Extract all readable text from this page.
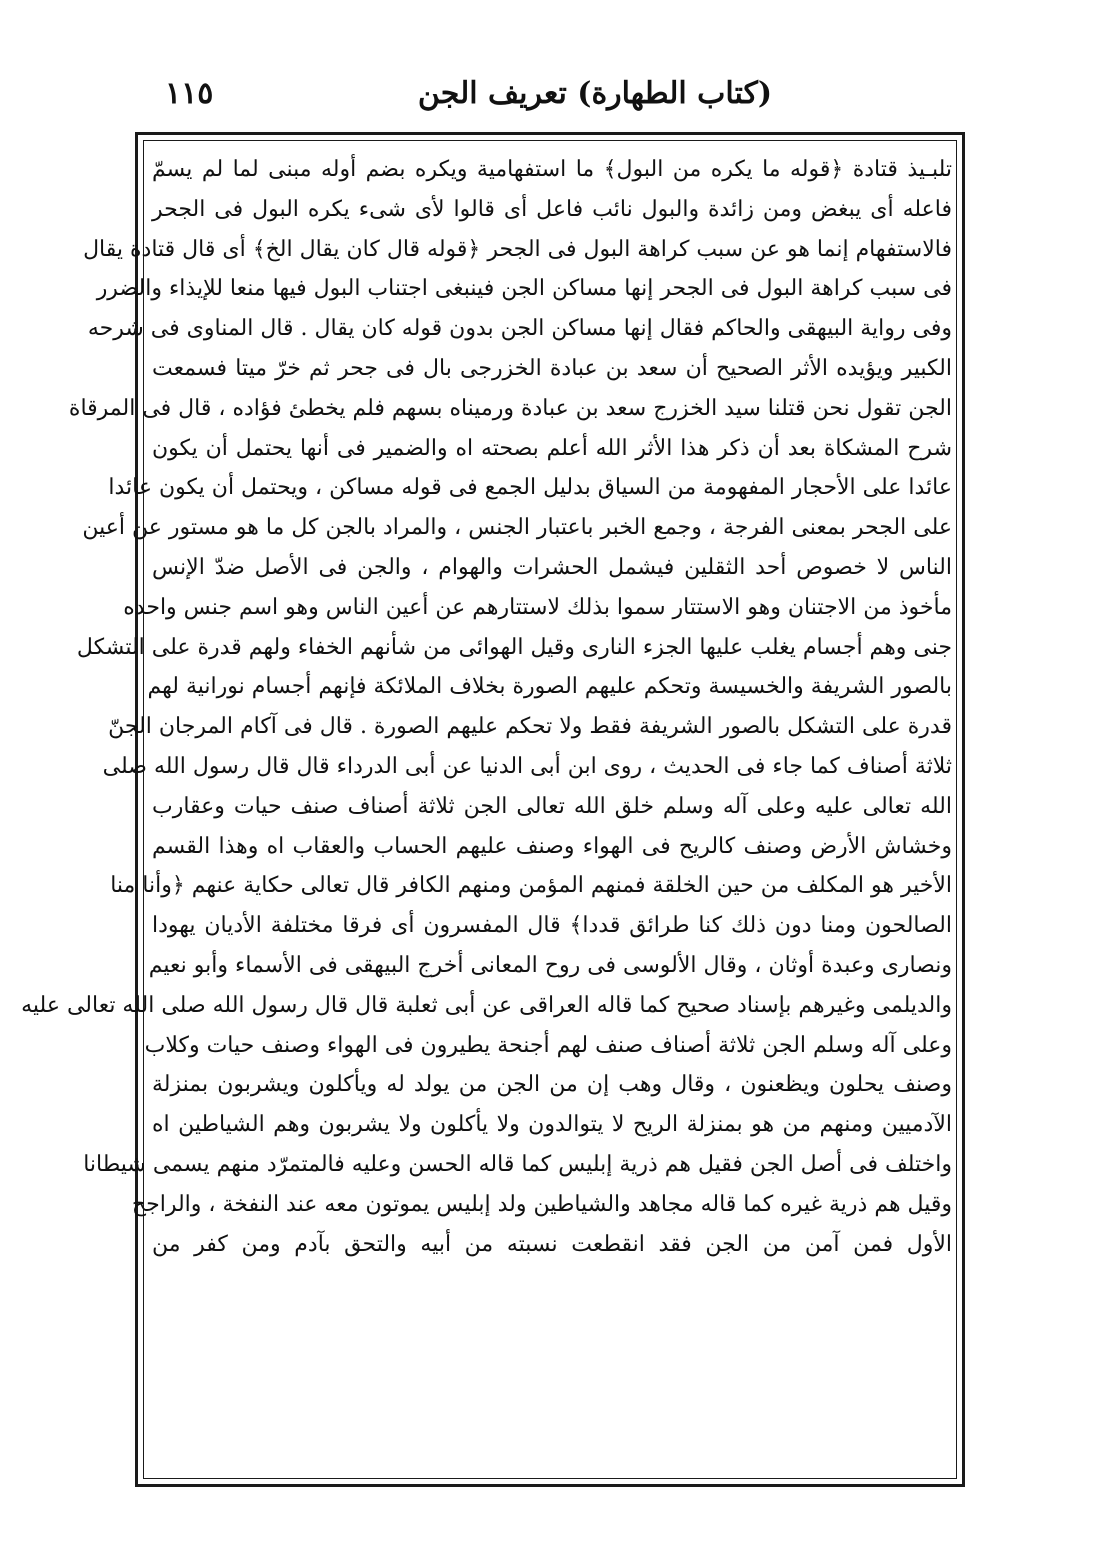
١١٥	(كتاب الطهارة) تعريف الجن
تلبـيذ قتادة ﴿قوله ما يكره من البول﴾ ما استفهامية ويكره بضم أوله مبنى لما لم يسمّ
فاعله أى يبغض ومن زائدة والبول نائب فاعل أى قالوا لأى شىء يكره البول فى الجحر
فالاستفهام إنما هو عن سبب كراهة البول فى الجحر ﴿قوله قال كان يقال الخ﴾ أى قال قتادة يقال
فى سبب كراهة البول فى الجحر إنها مساكن الجن فينبغى اجتناب البول فيها منعا للإيذاء والضرر
وفى رواية البيهقى والحاكم فقال إنها مساكن الجن بدون قوله كان يقال . قال المناوى فى شرحه
الكبير ويؤيده الأثر الصحيح أن سعد بن عبادة الخزرجى بال فى جحر ثم خرّ ميتا فسمعت
الجن تقول نحن قتلنا سيد الخزرج سعد بن عبادة ورميناه بسهم فلم يخطئ فؤاده ، قال فى المرقاة
شرح المشكاة بعد أن ذكر هذا الأثر الله أعلم بصحته اه والضمير فى أنها يحتمل أن يكون
عائدا على الأحجار المفهومة من السياق بدليل الجمع فى قوله مساكن ، ويحتمل أن يكون عائدا
على الجحر بمعنى الفرجة ، وجمع الخبر باعتبار الجنس ، والمراد بالجن كل ما هو مستور عن أعين
الناس لا خصوص أحد الثقلين فيشمل الحشرات والهوام ، والجن فى الأصل ضدّ الإنس
مأخوذ من الاجتنان وهو الاستتار سموا بذلك لاستتارهم عن أعين الناس وهو اسم جنس واحده
جنى وهم أجسام يغلب عليها الجزء النارى وقيل الهوائى من شأنهم الخفاء ولهم قدرة على التشكل
بالصور الشريفة والخسيسة وتحكم عليهم الصورة بخلاف الملائكة فإنهم أجسام نورانية لهم
قدرة على التشكل بالصور الشريفة فقط ولا تحكم عليهم الصورة . قال فى آكام المرجان الجنّ
ثلاثة أصناف كما جاء فى الحديث ، روى ابن أبى الدنيا عن أبى الدرداء قال قال رسول الله صلى
الله تعالى عليه وعلى آله وسلم خلق الله تعالى الجن ثلاثة أصناف صنف حيات وعقارب
وخشاش الأرض وصنف كالريح فى الهواء وصنف عليهم الحساب والعقاب اه وهذا القسم
الأخير هو المكلف من حين الخلقة فمنهم المؤمن ومنهم الكافر قال تعالى حكاية عنهم ﴿وأنا منا
الصالحون ومنا دون ذلك كنا طرائق قددا﴾ قال المفسرون أى فرقا مختلفة الأديان يهودا
ونصارى وعبدة أوثان ، وقال الألوسى فى روح المعانى أخرج البيهقى فى الأسماء وأبو نعيم
والديلمى وغيرهم بإسناد صحيح كما قاله العراقى عن أبى ثعلبة قال قال رسول الله صلى الله تعالى عليه
وعلى آله وسلم الجن ثلاثة أصناف صنف لهم أجنحة يطيرون فى الهواء وصنف حيات وكلاب
وصنف يحلون ويظعنون ، وقال وهب إن من الجن من يولد له ويأكلون ويشربون بمنزلة
الآدميين ومنهم من هو بمنزلة الريح لا يتوالدون ولا يأكلون ولا يشربون وهم الشياطين اه
واختلف فى أصل الجن فقيل هم ذرية إبليس كما قاله الحسن وعليه فالمتمرّد منهم يسمى شيطانا
وقيل هم ذرية غيره كما قاله مجاهد والشياطين ولد إبليس يموتون معه عند النفخة ، والراجح
الأول فمن آمن من الجن فقد انقطعت نسبته من أبيه والتحق بآدم ومن كفر من
